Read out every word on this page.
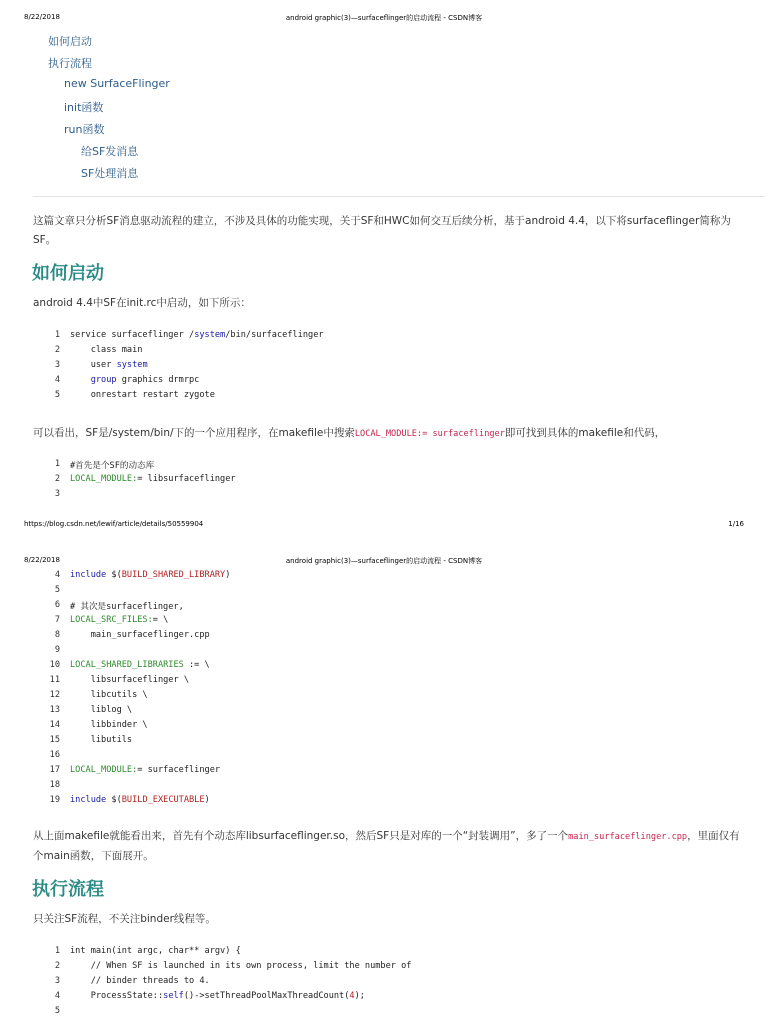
8/22/2018	android graphic(3)—surfaceflinger的启动流程 - CSDN博客
如何启动
执行流程
new SurfaceFlinger
init函数
run函数
给SF发消息
SF处理消息

这篇文章只分析SF消息驱动流程的建立，不涉及具体的功能实现，关于SF和HWC如何交互后续分析，基于android 4.4，以下将surfaceflinger简称为SF。

如何启动

android 4.4中SF在init.rc中启动，如下所示：

1 service surfaceflinger /system/bin/surfaceflinger
2 class main
3 user system
4	group graphics drmrpc
5 onrestart restart zygote

可以看出，SF是/system/bin/下的一个应用程序，在makefile中搜索LOCAL_MODULE:= surfaceflinger即可找到具体的makefile和代码，

1 #首先是个SF的动态库
2 LOCAL_MODULE:= libsurfaceflinger
3
https://blog.csdn.net/lewif/article/details/50559904	1/16
8/22/2018	android graphic(3)—surfaceflinger的启动流程 - CSDN博客
4 include $(BUILD_SHARED_LIBRARY)
5
6 # 其次是surfaceflinger,
7 LOCAL_SRC_FILES:= \
8 main_surfaceflinger.cpp
9
10 LOCAL_SHARED_LIBRARIES := \
11 libsurfaceflinger \
12 libcutils \
13 liblog \
14 libbinder \
15 libutils
16
17 LOCAL_MODULE:= surfaceflinger
18
19 include $(BUILD_EXECUTABLE)

从上面makefile就能看出来，首先有个动态库libsurfaceflinger.so，然后SF只是对库的一个“封装调用”，多了一个main_surfaceflinger.cpp，里面仅有个main函数，下面展开。

执行流程

只关注SF流程，不关注binder线程等。

1 int main(int argc, char** argv) {
2 // When SF is launched in its own process, limit the number of
3 // binder threads to 4.
4 ProcessState::self()->setThreadPoolMaxThreadCount(4);
5
